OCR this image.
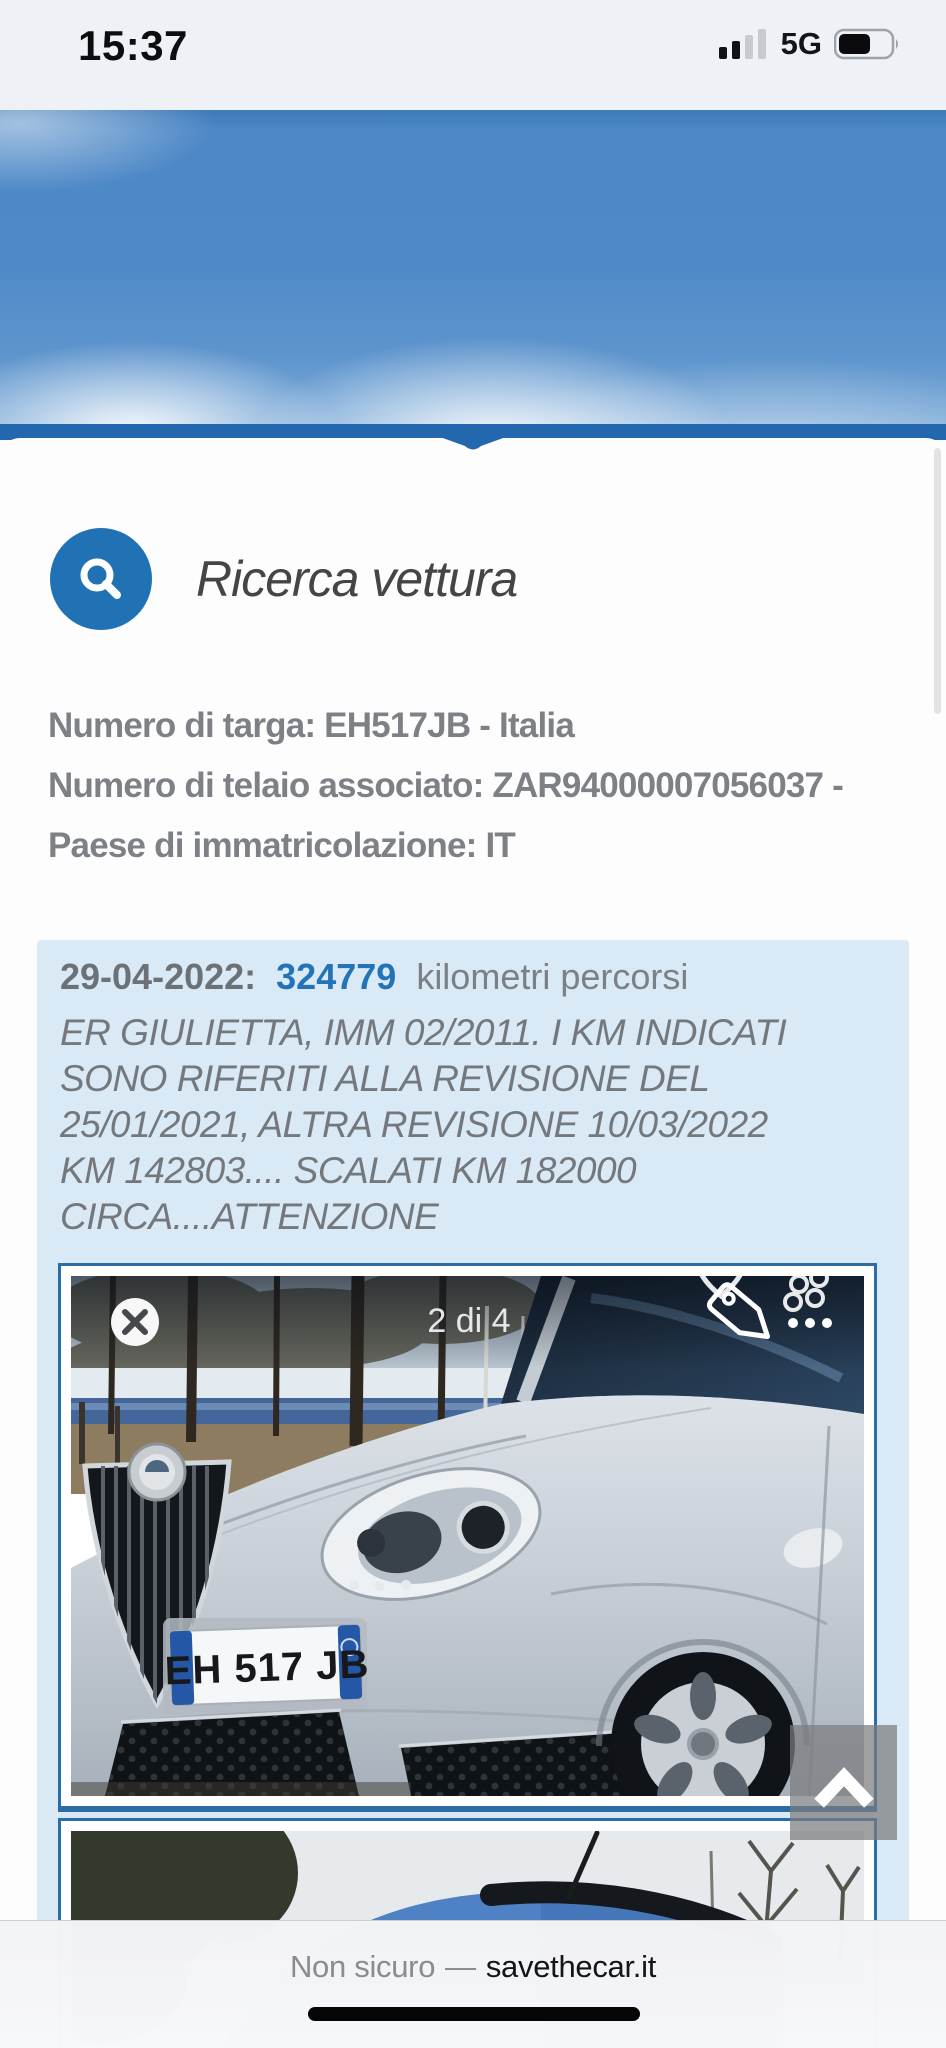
15:37	5G
Ricerca vettura
Numero di targa: EH517JB - Italia
Numero di telaio associato: ZAR94000007056037 -
Paese di immatricolazione: IT
29-04-2022: 324779 kilometri percorsi
ER GIULIETTA, IMM 02/2011. I KM INDICATI
SONO RIFERITI ALLA REVISIONE DEL
25/01/2021, ALTRA REVISIONE 10/03/2022
KM 142803.... SCALATI KM 182000
CIRCA....ATTENZIONE
EH 517 JB
2 di 4
Non sicuro — savethecar.it
